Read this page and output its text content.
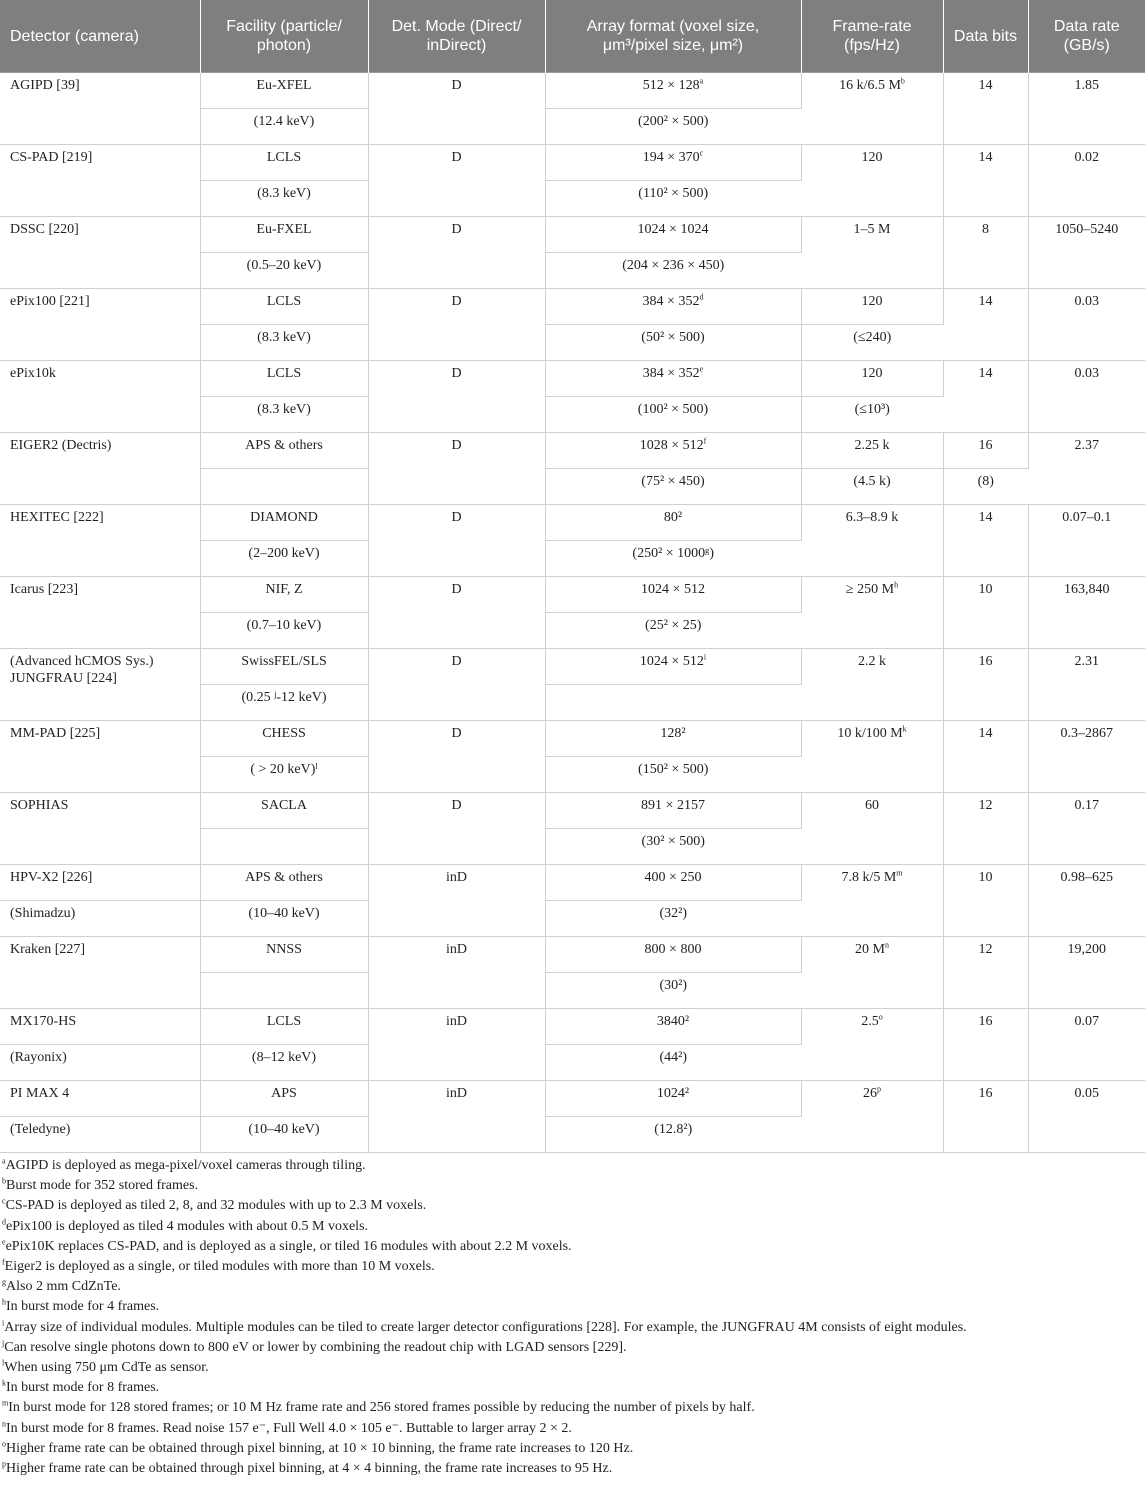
Detector (camera)	Facility (particle/ photon)	Det. Mode (Direct/ inDirect)	Array format (voxel size, μm³/pixel size, μm²)	Frame-rate (fps/Hz)	Data bits	Data rate (GB/s)

AGIPD [39]	Eu-XFEL	D	$512 \times 128^a$	16 k/6.5 $M^b$	14	1.85

	(12.4 keV)		(200² × 500)			

CS-PAD [219]	LCLS	D	$194 \times 370^c$	120	14	0.02

	(8.3 keV)		(110² × 500)			

DSSC [220]	Eu-FXEL	D	1024 × 1024	1–5 M	8	1050–5240

	(0.5–20 keV)		(204 × 236 × 450)			

ePix100 [221]	LCLS	D	$384 \times 352^d$	120	14	0.03

	(8.3 keV)		(50² × 500)	(≤240)		

ePix10k	LCLS	D	$384 \times 352^e$	120	14	0.03

	(8.3 keV)		(100² × 500)	(≤10³)		

EIGER2 (Dectris)	APS & others	D	$1028 \times 512^f$	2.25 k	16	2.37

			(75² × 450)	(4.5 k)	(8)	

HEXITEC [222]	DIAMOND	D	80²	6.3–8.9 k	14	0.07–0.1

	(2–200 keV)		(250² × 1000ᵍ)			

Icarus [223]	NIF, Z	D	1024 × 512	≥ 250 $M^h$	10	163,840

	(0.7–10 keV)		(25² × 25)			

(Advanced hCMOS Sys.) JUNGFRAU [224]	SwissFEL/SLS	D	$1024 \times 512^i$	2.2 k	16	2.31

	(0.25 ʲ-12 keV)					

MM-PAD [225]	CHESS	D	128²	10 k/100 $M^k$	14	0.3–2867

	( > 20 keV)ˡ		(150² × 500)			

SOPHIAS	SACLA	D	891 × 2157	60	12	0.17

			(30² × 500)			

HPV-X2 [226]	APS & others	inD	400 × 250	7.8 k/5 $M^m$	10	0.98–625

(Shimadzu)	(10–40 keV)		(32²)			

Kraken [227]	NNSS	inD	800 × 800	20 $M^n$	12	19,200

			(30²)			

MX170-HS	LCLS	inD	3840²	2.5$^o$	16	0.07

(Rayonix)	(8–12 keV)		(44²)			

PI MAX 4	APS	inD	1024²	26$^p$	16	0.05

(Teledyne)	(10–40 keV)		(12.8²)			
$^a$AGIPD is deployed as mega-pixel/voxel cameras through tiling.
$^b$Burst mode for 352 stored frames.
$^c$CS-PAD is deployed as tiled 2, 8, and 32 modules with up to 2.3 M voxels.
$^d$ePix100 is deployed as tiled 4 modules with about 0.5 M voxels.
$^e$ePix10K replaces CS-PAD, and is deployed as a single, or tiled 16 modules with about 2.2 M voxels.
$^f$Eiger2 is deployed as a single, or tiled modules with more than 10 M voxels.
$^g$Also 2 mm CdZnTe.
$^h$In burst mode for 4 frames.
$^i$Array size of individual modules. Multiple modules can be tiled to create larger detector configurations [228]. For example, the JUNGFRAU 4M consists of eight modules.
$^j$Can resolve single photons down to 800 eV or lower by combining the readout chip with LGAD sensors [229].
$^l$When using 750 μm CdTe as sensor.
$^k$In burst mode for 8 frames.
$^m$In burst mode for 128 stored frames; or 10 M Hz frame rate and 256 stored frames possible by reducing the number of pixels by half.
$^n$In burst mode for 8 frames. Read noise 157 e⁻, Full Well 4.0 × 105 e⁻. Buttable to larger array 2 × 2.
$^o$Higher frame rate can be obtained through pixel binning, at 10 × 10 binning, the frame rate increases to 120 Hz.
$^p$Higher frame rate can be obtained through pixel binning, at 4 × 4 binning, the frame rate increases to 95 Hz.
